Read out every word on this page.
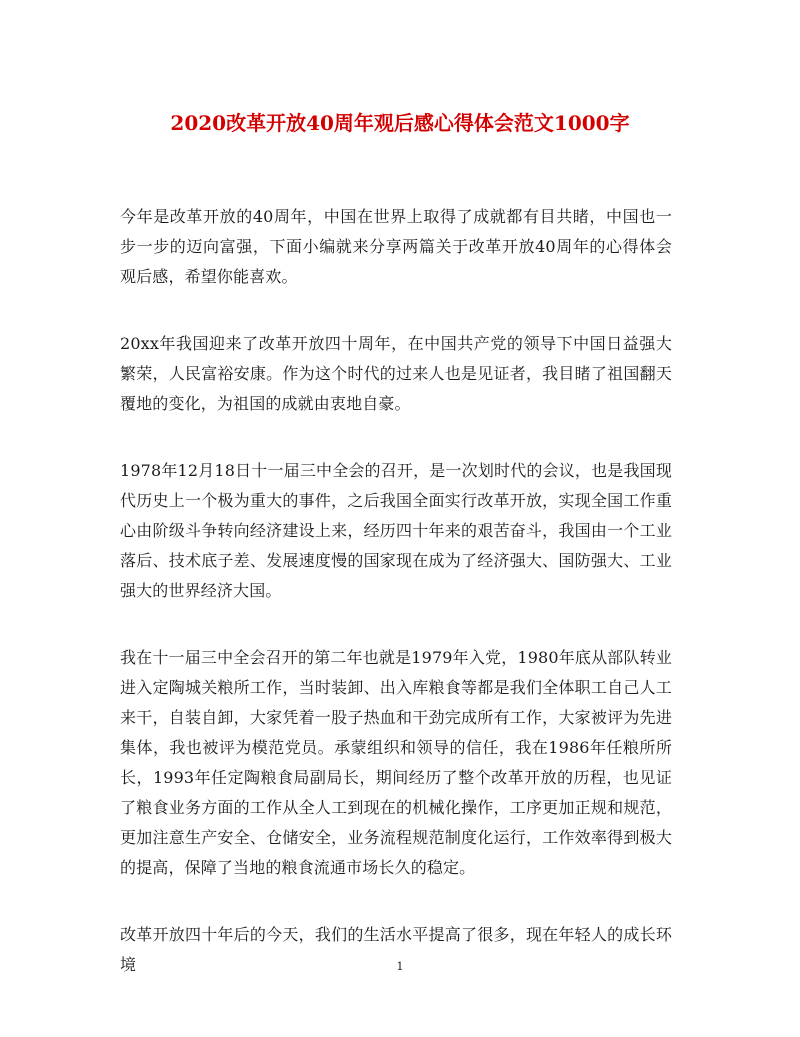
2020改革开放40周年观后感心得体会范文1000字

今年是改革开放的40周年，中国在世界上取得了成就都有目共睹，中国也一步一步的迈向富强，下面小编就来分享两篇关于改革开放40周年的心得体会观后感，希望你能喜欢。

20xx年我国迎来了改革开放四十周年，在中国共产党的领导下中国日益强大繁荣，人民富裕安康。作为这个时代的过来人也是见证者，我目睹了祖国翻天覆地的变化，为祖国的成就由衷地自豪。

1978年12月18日十一届三中全会的召开，是一次划时代的会议，也是我国现代历史上一个极为重大的事件，之后我国全面实行改革开放，实现全国工作重心由阶级斗争转向经济建设上来，经历四十年来的艰苦奋斗，我国由一个工业落后、技术底子差、发展速度慢的国家现在成为了经济强大、国防强大、工业强大的世界经济大国。

我在十一届三中全会召开的第二年也就是1979年入党，1980年底从部队转业进入定陶城关粮所工作，当时装卸、出入库粮食等都是我们全体职工自己人工来干，自装自卸，大家凭着一股子热血和干劲完成所有工作，大家被评为先进集体，我也被评为模范党员。承蒙组织和领导的信任，我在1986年任粮所所长，1993年任定陶粮食局副局长，期间经历了整个改革开放的历程，也见证了粮食业务方面的工作从全人工到现在的机械化操作，工序更加正规和规范，更加注意生产安全、仓储安全，业务流程规范制度化运行，工作效率得到极大的提高，保障了当地的粮食流通市场长久的稳定。

改革开放四十年后的今天，我们的生活水平提高了很多，现在年轻人的成长环境	1
